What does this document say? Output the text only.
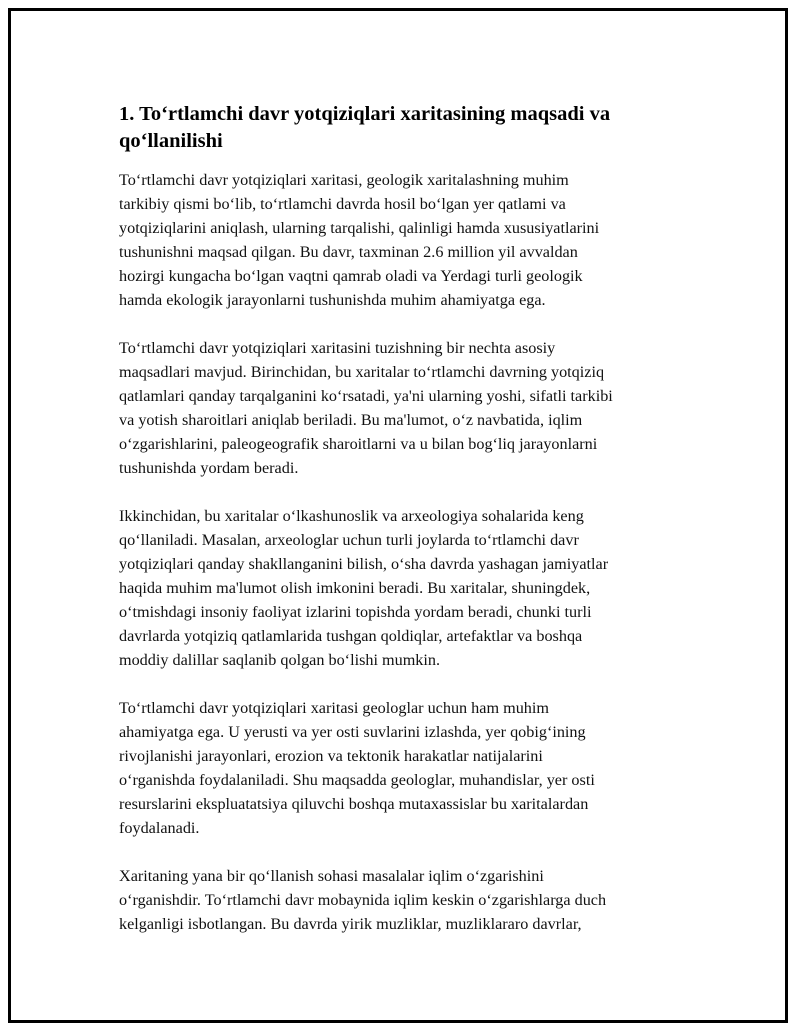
1. To‘rtlamchi davr yotqiziqlari xaritasining maqsadi va
qo‘llanilishi

To‘rtlamchi davr yotqiziqlari xaritasi, geologik xaritalashning muhim
tarkibiy qismi bo‘lib, to‘rtlamchi davrda hosil bo‘lgan yer qatlami va
yotqiziqlarini aniqlash, ularning tarqalishi, qalinligi hamda xususiyatlarini
tushunishni maqsad qilgan. Bu davr, taxminan 2.6 million yil avvaldan
hozirgi kungacha bo‘lgan vaqtni qamrab oladi va Yerdagi turli geologik
hamda ekologik jarayonlarni tushunishda muhim ahamiyatga ega.

To‘rtlamchi davr yotqiziqlari xaritasini tuzishning bir nechta asosiy
maqsadlari mavjud. Birinchidan, bu xaritalar to‘rtlamchi davrning yotqiziq
qatlamlari qanday tarqalganini ko‘rsatadi, ya'ni ularning yoshi, sifatli tarkibi
va yotish sharoitlari aniqlab beriladi. Bu ma'lumot, o‘z navbatida, iqlim
o‘zgarishlarini, paleogeografik sharoitlarni va u bilan bog‘liq jarayonlarni
tushunishda yordam beradi.

Ikkinchidan, bu xaritalar o‘lkashunoslik va arxeologiya sohalarida keng
qo‘llaniladi. Masalan, arxeologlar uchun turli joylarda to‘rtlamchi davr
yotqiziqlari qanday shakllanganini bilish, o‘sha davrda yashagan jamiyatlar
haqida muhim ma'lumot olish imkonini beradi. Bu xaritalar, shuningdek,
o‘tmishdagi insoniy faoliyat izlarini topishda yordam beradi, chunki turli
davrlarda yotqiziq qatlamlarida tushgan qoldiqlar, artefaktlar va boshqa
moddiy dalillar saqlanib qolgan bo‘lishi mumkin.

To‘rtlamchi davr yotqiziqlari xaritasi geologlar uchun ham muhim
ahamiyatga ega. U yerusti va yer osti suvlarini izlashda, yer qobig‘ining
rivojlanishi jarayonlari, erozion va tektonik harakatlar natijalarini
o‘rganishda foydalaniladi. Shu maqsadda geologlar, muhandislar, yer osti
resurslarini ekspluatatsiya qiluvchi boshqa mutaxassislar bu xaritalardan
foydalanadi.

Xaritaning yana bir qo‘llanish sohasi masalalar iqlim o‘zgarishini
o‘rganishdir. To‘rtlamchi davr mobaynida iqlim keskin o‘zgarishlarga duch
kelganligi isbotlangan. Bu davrda yirik muzliklar, muzliklararo davrlar,
